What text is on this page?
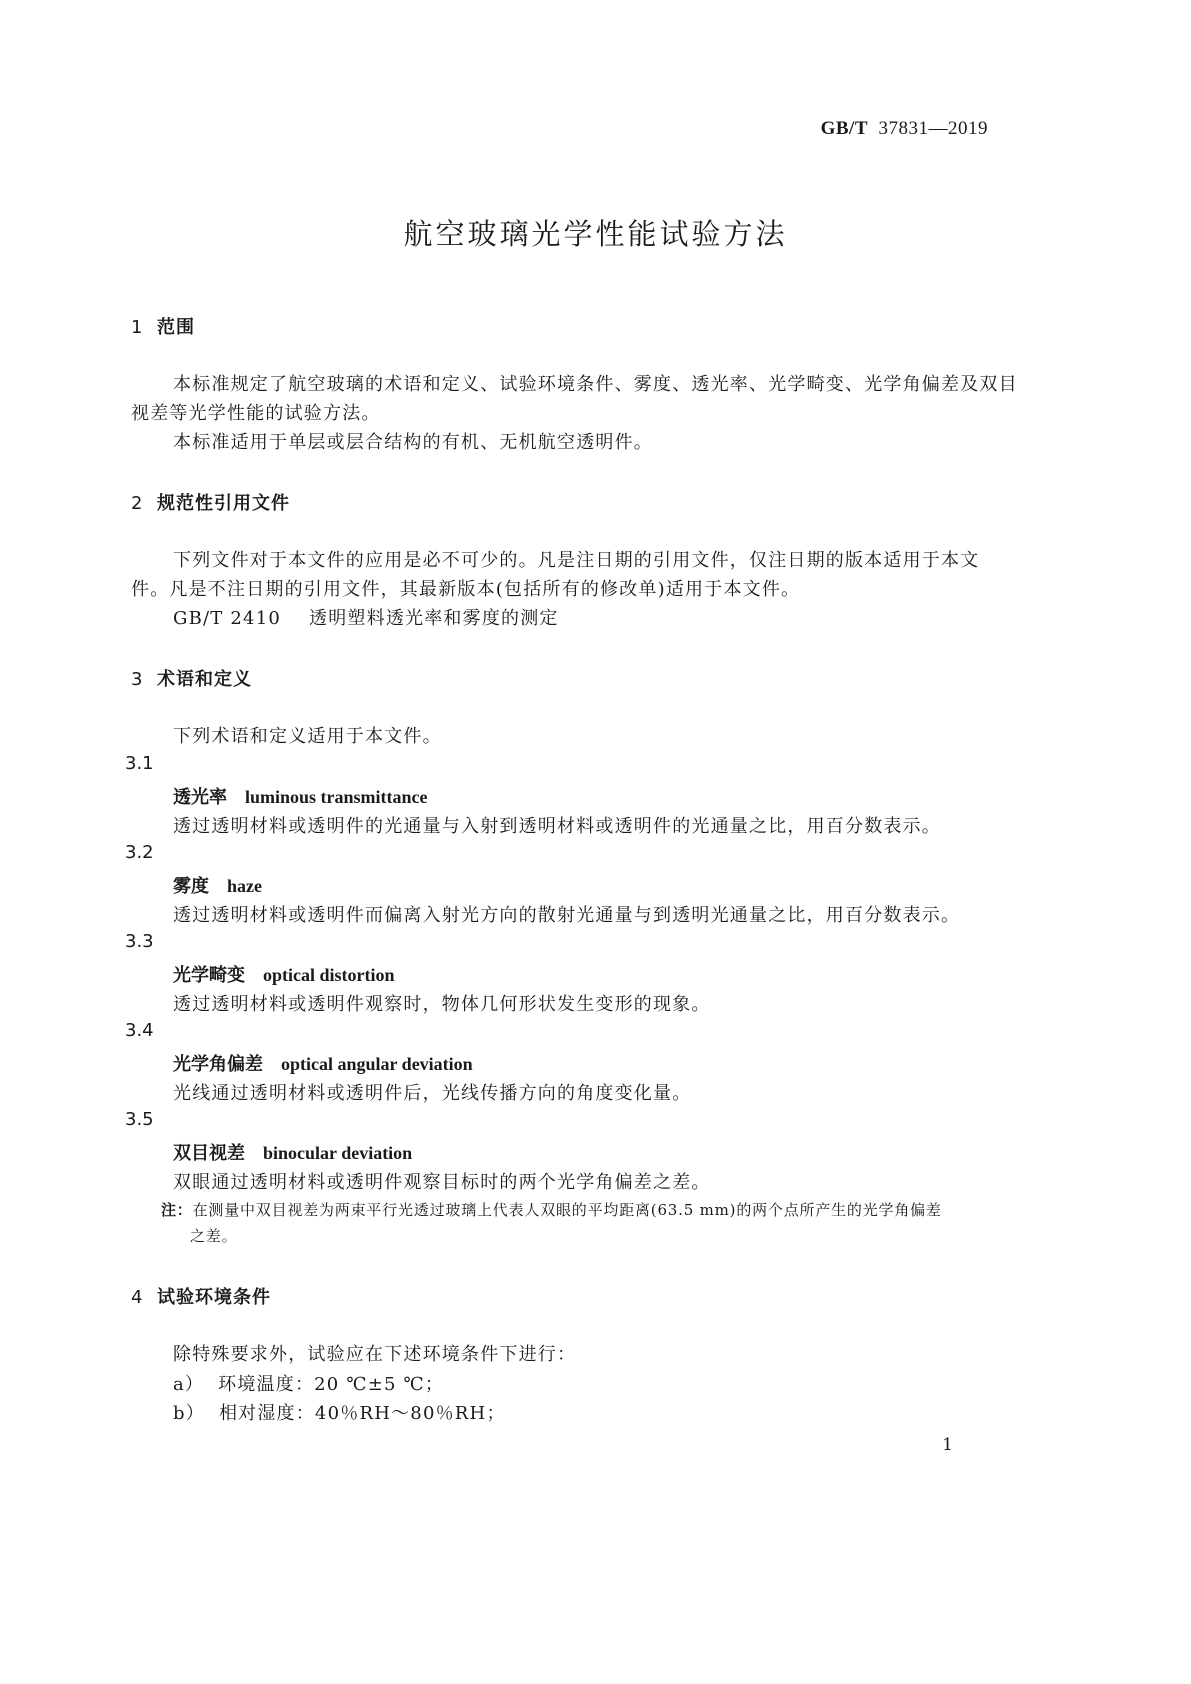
GB/T 37831—2019
航空玻璃光学性能试验方法
1 范围
本标准规定了航空玻璃的术语和定义、试验环境条件、雾度、透光率、光学畸变、光学角偏差及双目
视差等光学性能的试验方法。
本标准适用于单层或层合结构的有机、无机航空透明件。
2 规范性引用文件
下列文件对于本文件的应用是必不可少的。凡是注日期的引用文件，仅注日期的版本适用于本文
件。凡是不注日期的引用文件，其最新版本(包括所有的修改单)适用于本文件。
GB/T 2410 透明塑料透光率和雾度的测定
3 术语和定义
下列术语和定义适用于本文件。
3.1
透光率 luminous transmittance
透过透明材料或透明件的光通量与入射到透明材料或透明件的光通量之比，用百分数表示。
3.2
雾度 haze
透过透明材料或透明件而偏离入射光方向的散射光通量与到透明光通量之比，用百分数表示。
3.3
光学畸变 optical distortion
透过透明材料或透明件观察时，物体几何形状发生变形的现象。
3.4
光学角偏差 optical angular deviation
光线通过透明材料或透明件后，光线传播方向的角度变化量。
3.5
双目视差 binocular deviation
双眼通过透明材料或透明件观察目标时的两个光学角偏差之差。
注：在测量中双目视差为两束平行光透过玻璃上代表人双眼的平均距离(63.5 mm)的两个点所产生的光学角偏差
之差。
4 试验环境条件
除特殊要求外，试验应在下述环境条件下进行：
a） 环境温度：20 ℃±5 ℃；
b） 相对湿度：40％RH～80％RH；
1
